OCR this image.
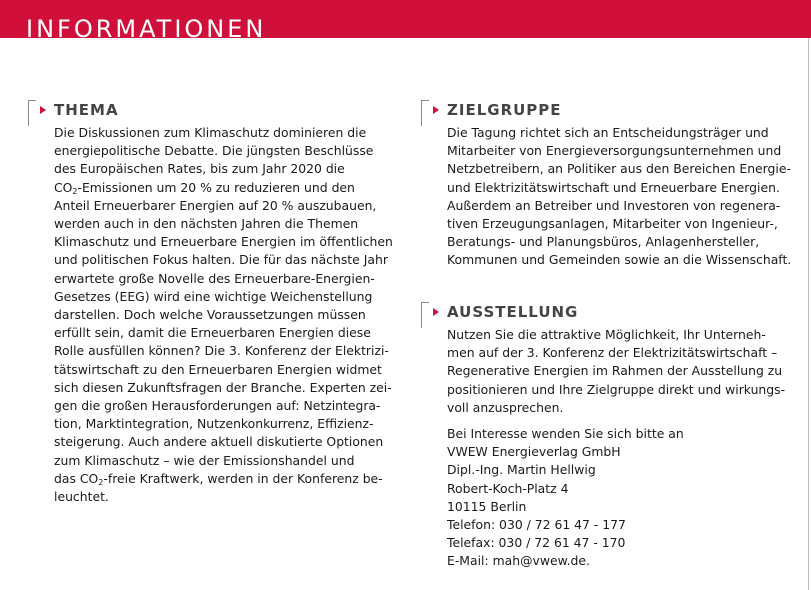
INFORMATIONEN
THEMA
Die Diskussionen zum Klimaschutz dominieren die
energiepolitische Debatte. Die jüngsten Beschlüsse
des Europäischen Rates, bis zum Jahr 2020 die
$CO_2$-Emissionen um 20 % zu reduzieren und den
Anteil Erneuerbarer Energien auf 20 % auszubauen,
werden auch in den nächsten Jahren die Themen
Klimaschutz und Erneuerbare Energien im öffentlichen
und politischen Fokus halten. Die für das nächste Jahr
erwartete große Novelle des Erneuerbare-Energien-
Gesetzes (EEG) wird eine wichtige Weichenstellung
darstellen. Doch welche Voraussetzungen müssen
erfüllt sein, damit die Erneuerbaren Energien diese
Rolle ausfüllen können? Die 3. Konferenz der Elektrizi-
tätswirtschaft zu den Erneuerbaren Energien widmet
sich diesen Zukunftsfragen der Branche. Experten zei-
gen die großen Herausforderungen auf: Netzintegra-
tion, Marktintegration, Nutzenkonkurrenz, Effizienz-
steigerung. Auch andere aktuell diskutierte Optionen
zum Klimaschutz – wie der Emissionshandel und
das $CO_2$-freie Kraftwerk, werden in der Konferenz be-
leuchtet.
ZIELGRUPPE
Die Tagung richtet sich an Entscheidungsträger und
Mitarbeiter von Energieversorgungsunternehmen und
Netzbetreibern, an Politiker aus den Bereichen Energie-
und Elektrizitätswirtschaft und Erneuerbare Energien.
Außerdem an Betreiber und Investoren von regenera-
tiven Erzeugungsanlagen, Mitarbeiter von Ingenieur-,
Beratungs- und Planungsbüros, Anlagenhersteller,
Kommunen und Gemeinden sowie an die Wissenschaft.
AUSSTELLUNG
Nutzen Sie die attraktive Möglichkeit, Ihr Unterneh-
men auf der 3. Konferenz der Elektrizitätswirtschaft –
Regenerative Energien im Rahmen der Ausstellung zu
positionieren und Ihre Zielgruppe direkt und wirkungs-
voll anzusprechen.
Bei Interesse wenden Sie sich bitte an
VWEW Energieverlag GmbH
Dipl.-Ing. Martin Hellwig
Robert-Koch-Platz 4
10115 Berlin
Telefon: 030 / 72 61 47 - 177
Telefax: 030 / 72 61 47 - 170
E-Mail: mah@vwew.de.
